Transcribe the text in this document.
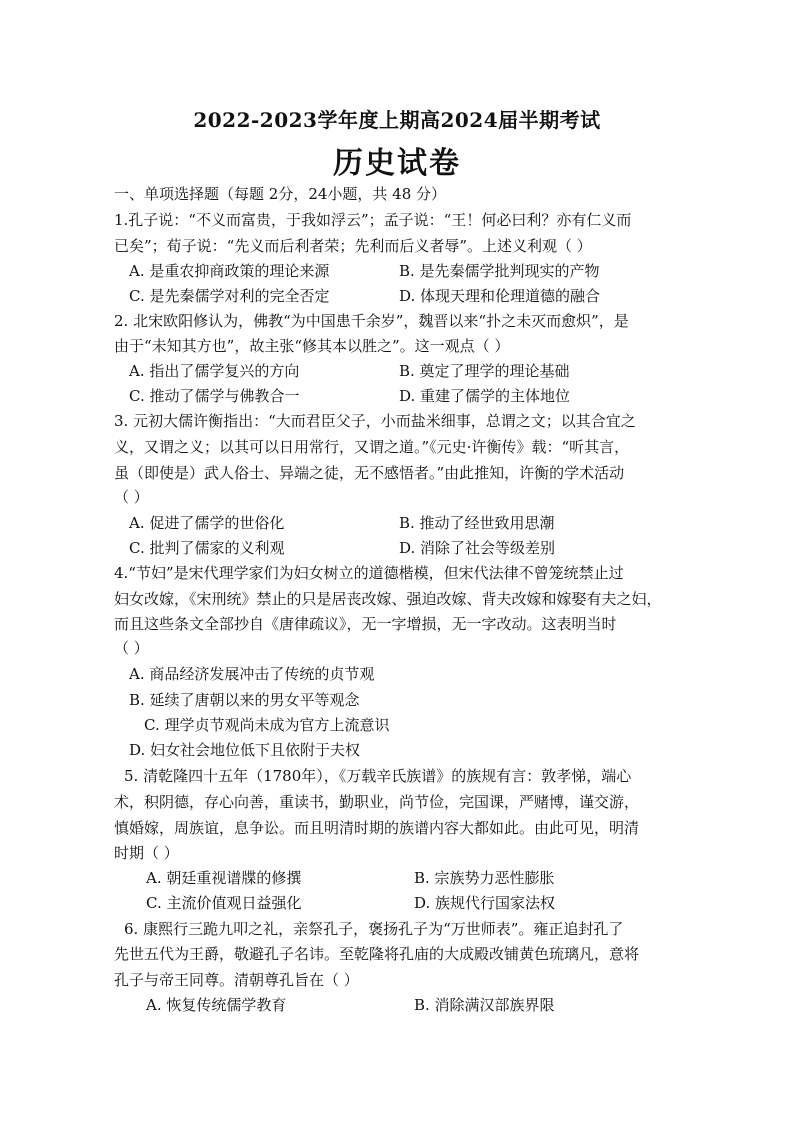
2022-2023学年度上期高2024届半期考试
历史试卷
一、单项选择题（每题 2分，24小题，共 48 分）
1.孔子说：“不义而富贵，于我如浮云”；孟子说：“王！何必曰利？亦有仁义而
已矣”；荀子说：“先义而后利者荣；先利而后义者辱”。上述义利观（ ）
A. 是重农抑商政策的理论来源	B. 是先秦儒学批判现实的产物
C. 是先秦儒学对利的完全否定	D. 体现天理和伦理道德的融合
2. 北宋欧阳修认为，佛教“为中国患千余岁”，魏晋以来“扑之未灭而愈炽”，是
由于“未知其方也”，故主张“修其本以胜之”。这一观点（ ）
A. 指出了儒学复兴的方向	B. 奠定了理学的理论基础
C. 推动了儒学与佛教合一	D. 重建了儒学的主体地位
3. 元初大儒许衡指出：“大而君臣父子，小而盐米细事，总谓之文；以其合宜之
义，又谓之义；以其可以日用常行，又谓之道。”《元史·许衡传》载：“听其言，
虽（即使是）武人俗士、异端之徒，无不感悟者。”由此推知，许衡的学术活动
（ ）
A. 促进了儒学的世俗化	B. 推动了经世致用思潮
C. 批判了儒家的义利观	D. 消除了社会等级差别
4.“节妇”是宋代理学家们为妇女树立的道德楷模，但宋代法律不曾笼统禁止过
妇女改嫁，《宋刑统》禁止的只是居丧改嫁、强迫改嫁、背夫改嫁和嫁娶有夫之妇，
而且这些条文全部抄自《唐律疏议》，无一字增损，无一字改动。这表明当时
（ ）
A. 商品经济发展冲击了传统的贞节观
B. 延续了唐朝以来的男女平等观念
C. 理学贞节观尚未成为官方上流意识
D. 妇女社会地位低下且依附于夫权
5. 清乾隆四十五年（1780年），《万载辛氏族谱》的族规有言：敦孝悌，端心
术，积阴德，存心向善，重读书，勤职业，尚节俭，完国课，严赌博，谨交游，
慎婚嫁，周族谊，息争讼。而且明清时期的族谱内容大都如此。由此可见，明清
时期（ ）
A. 朝廷重视谱牒的修撰	B. 宗族势力恶性膨胀
C. 主流价值观日益强化	D. 族规代行国家法权
6. 康熙行三跪九叩之礼，亲祭孔子，褒扬孔子为“万世师表”。雍正追封孔了
先世五代为王爵，敬避孔子名讳。至乾隆将孔庙的大成殿改铺黄色琉璃凡，意将
孔子与帝王同尊。清朝尊孔旨在（ ）
A. 恢复传统儒学教育	B. 消除满汉部族界限
